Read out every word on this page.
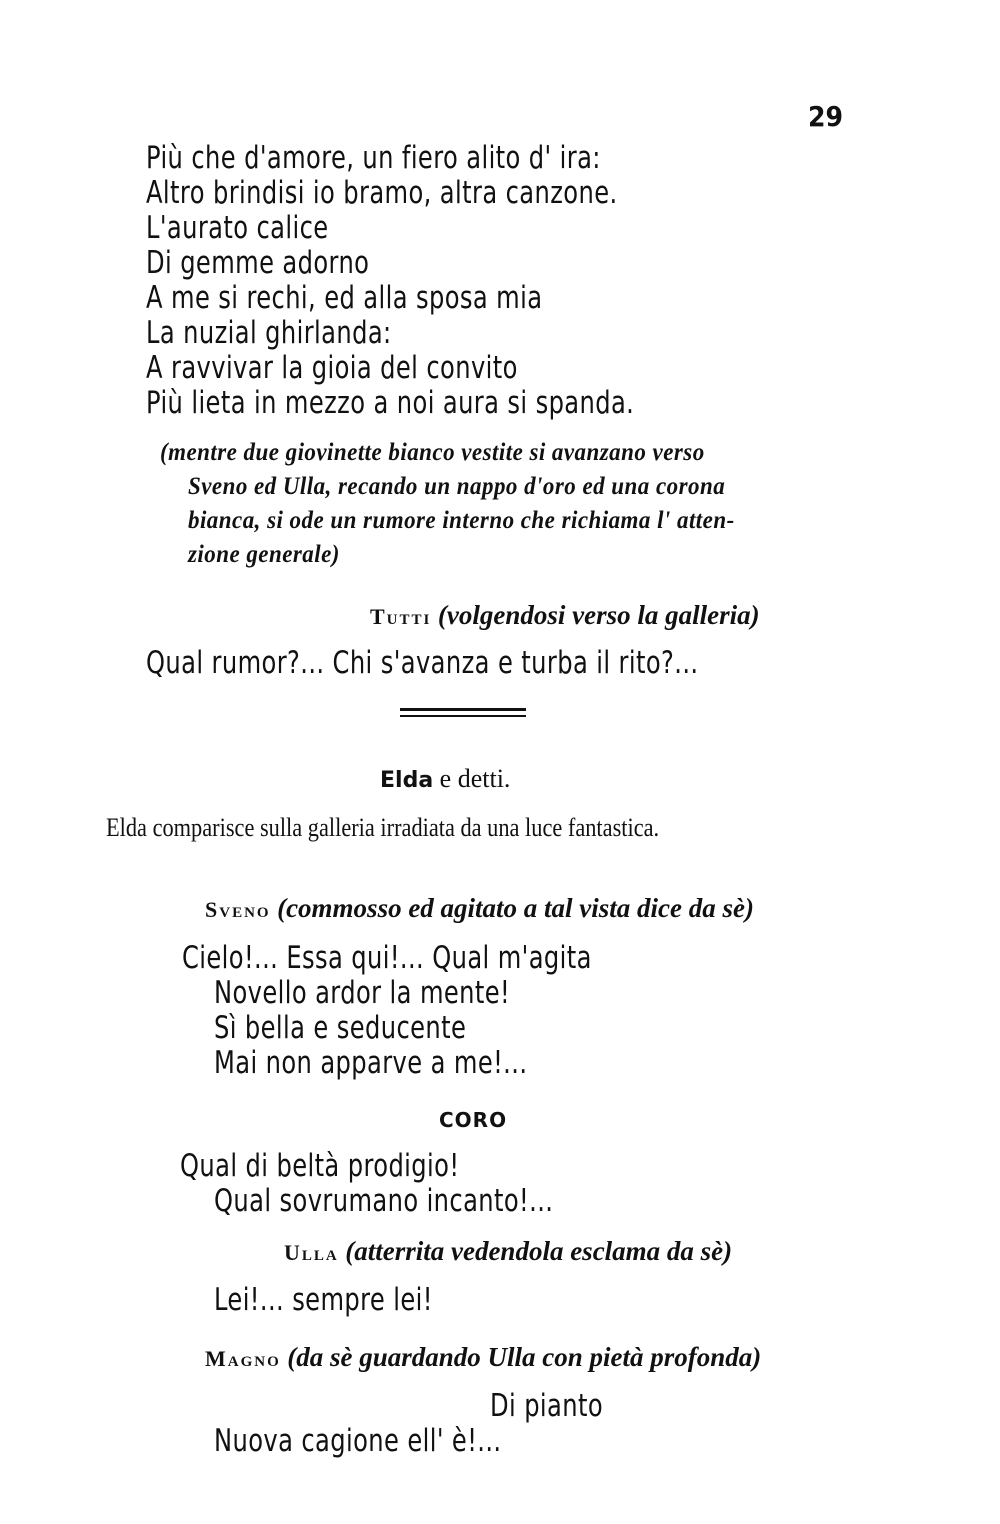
29
Più che d'amore, un fiero alito d' ira:
Altro brindisi io bramo, altra canzone.
L'aurato calice
Di gemme adorno
A me si rechi, ed alla sposa mia
La nuzial ghirlanda:
A ravvivar la gioia del convito
Più lieta in mezzo a noi aura si spanda.
(mentre due giovinette bianco vestite si avanzano verso
Sveno ed Ulla, recando un nappo d'oro ed una corona
bianca, si ode un rumore interno che richiama l' atten-
zione generale)
Tutti (volgendosi verso la galleria)
Qual rumor?... Chi s'avanza e turba il rito?...
Elda e detti.
Elda comparisce sulla galleria irradiata da una luce fantastica.
Sveno (commosso ed agitato a tal vista dice da sè)
Cielo!... Essa qui!... Qual m'agita
Novello ardor la mente!
Sì bella e seducente
Mai non apparve a me!...
CORO
Qual di beltà prodigio!
Qual sovrumano incanto!...
Ulla (atterrita vedendola esclama da sè)
Lei!... sempre lei!
Magno (da sè guardando Ulla con pietà profonda)
Di pianto
Nuova cagione ell' è!...
